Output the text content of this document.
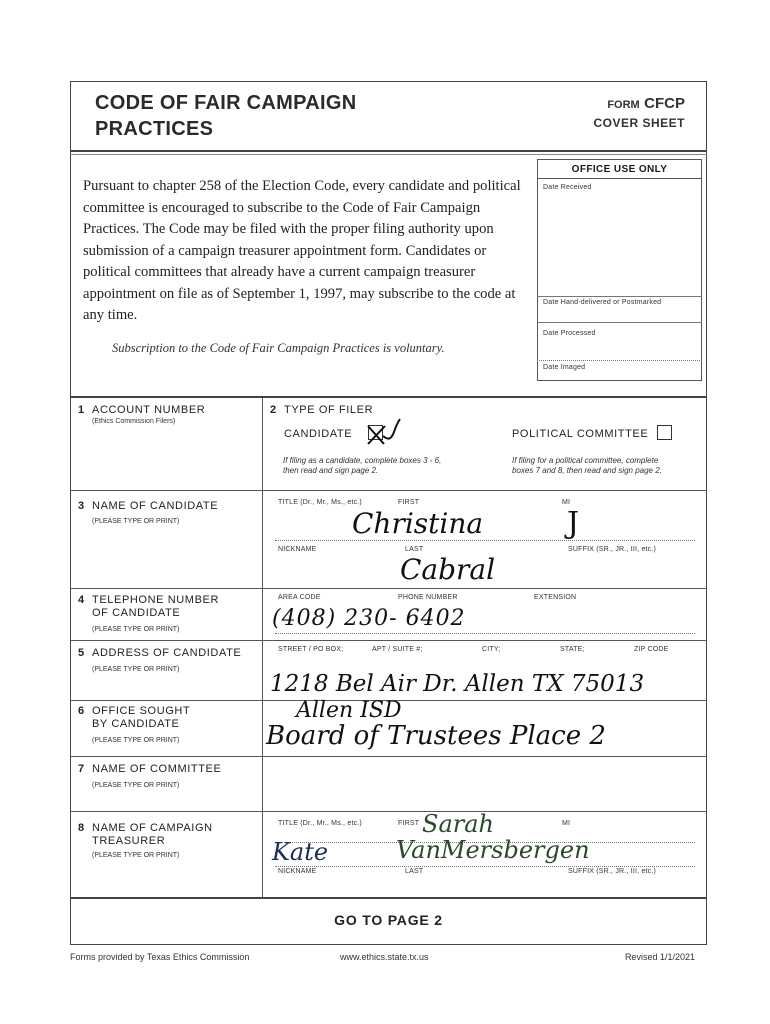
CODE OF FAIR CAMPAIGN
PRACTICES
FORM CFCP
COVER SHEET
Pursuant to chapter 258 of the Election Code, every candidate and political committee is encouraged to subscribe to the Code of Fair Campaign Practices. The Code may be filed with the proper filing authority upon submission of a campaign treasurer appointment form. Candidates or political committees that already have a current campaign treasurer appointment on file as of September 1, 1997, may subscribe to the code at any time.
Subscription to the Code of Fair Campaign Practices is voluntary.
OFFICE USE ONLY
Date Received
Date Hand-delivered or Postmarked
Date Processed
Date Imaged
1 ACCOUNT NUMBER
(Ethics Commission Filers)
2 TYPE OF FILER
CANDIDATE	POLITICAL COMMITTEE
If filing as a candidate, complete boxes 3 - 6,
then read and sign page 2.
If filing for a political committee, complete
boxes 7 and 8, then read and sign page 2.
3 NAME OF CANDIDATE
(PLEASE TYPE OR PRINT)
TITLE (Dr., Mr., Ms., etc.)	FIRST	MI
Christina	J
NICKNAME	LAST	SUFFIX (SR., JR., III, etc.)
Cabral
4 TELEPHONE NUMBER
OF CANDIDATE
(PLEASE TYPE OR PRINT)
AREA CODE	PHONE NUMBER	EXTENSION
(408) 230- 6402
5 ADDRESS OF CANDIDATE
(PLEASE TYPE OR PRINT)
STREET / PO BOX;	APT / SUITE #;	CITY;	STATE;	ZIP CODE
1218 Bel Air Dr. Allen TX 75013
6 OFFICE SOUGHT
BY CANDIDATE
(PLEASE TYPE OR PRINT)
Allen ISD
Board of Trustees Place 2
7 NAME OF COMMITTEE
(PLEASE TYPE OR PRINT)
8 NAME OF CAMPAIGN
TREASURER
(PLEASE TYPE OR PRINT)
TITLE (Dr., Mr., Ms., etc.)	FIRST	MI
Sarah
Kate	VanMersbergen
NICKNAME	LAST	SUFFIX (SR., JR., III, etc.)
GO TO PAGE 2
Forms provided by Texas Ethics Commission	www.ethics.state.tx.us	Revised 1/1/2021
